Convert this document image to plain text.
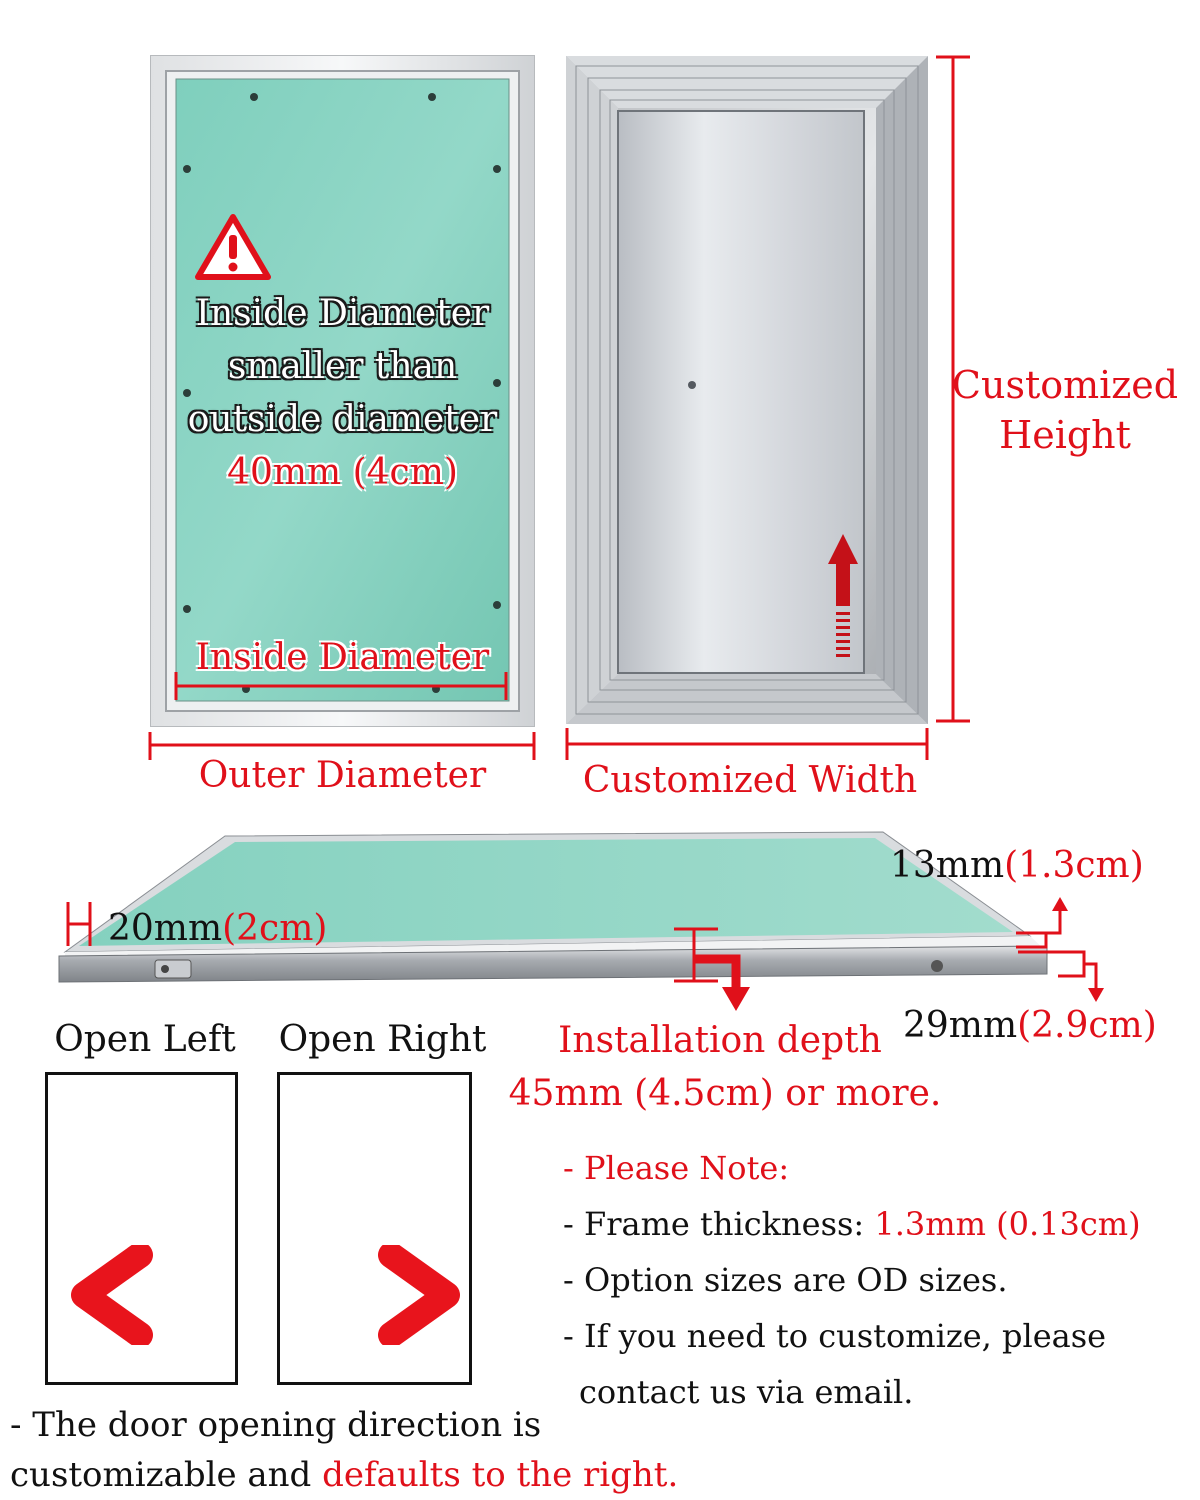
Inside Diameter
smaller than
outside diameter
40mm (4cm)
Inside Diameter
Outer Diameter
Customized
Height
Customized Width
20mm(2cm)
13mm(1.3cm)
29mm(2.9cm)
Installation depth
45mm (4.5cm) or more.
Open Left Open Right
- The door opening direction is
customizable and defaults to the right.
- Please Note:
- Frame thickness: 1.3mm (0.13cm)
- Option sizes are OD sizes.
- If you need to customize, please
contact us via email.
